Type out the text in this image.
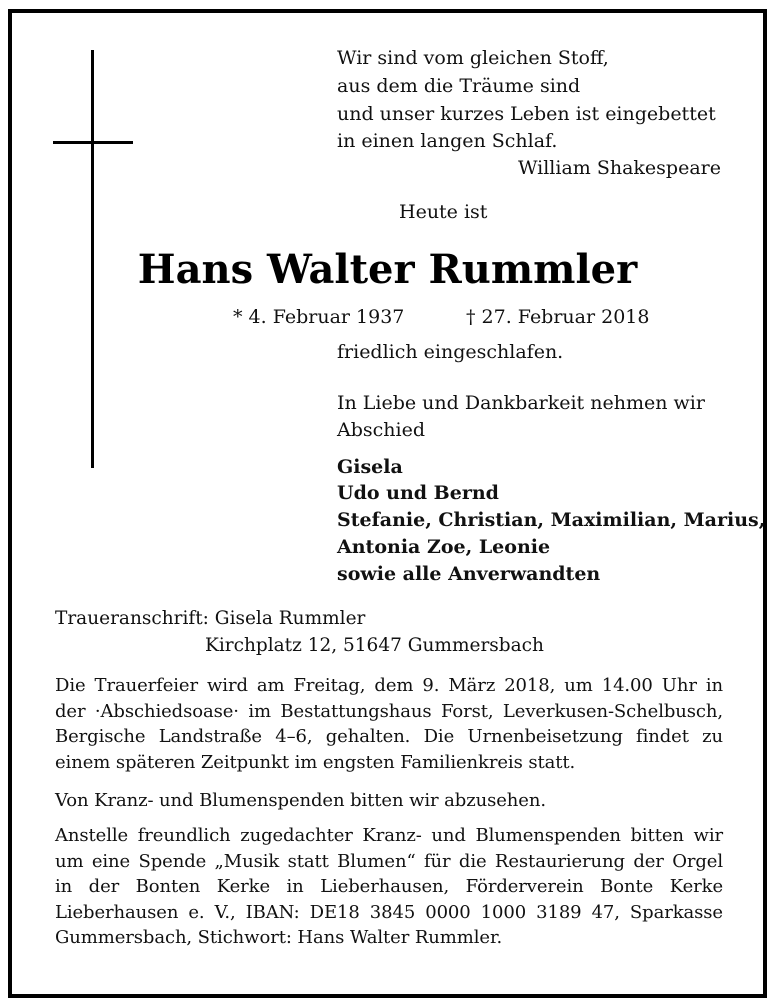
Wir sind vom gleichen Stoff,
aus dem die Träume sind
und unser kurzes Leben ist eingebettet
in einen langen Schlaf.
William Shakespeare
Heute ist
Hans Walter Rummler
* 4. Februar 1937	† 27. Februar 2018
friedlich eingeschlafen.
In Liebe und Dankbarkeit nehmen wir
Abschied
Gisela
Udo und Bernd
Stefanie, Christian, Maximilian, Marius,
Antonia Zoe, Leonie
sowie alle Anverwandten
Traueranschrift: Gisela Rummler
Kirchplatz 12, 51647 Gummersbach
Die Trauerfeier wird am Freitag, dem 9. März 2018, um 14.00 Uhr in
der ·Abschiedsoase· im Bestattungshaus Forst, Leverkusen-Schelbusch,
Bergische Landstraße 4–6, gehalten. Die Urnenbeisetzung findet zu
einem späteren Zeitpunkt im engsten Familienkreis statt.
Von Kranz- und Blumenspenden bitten wir abzusehen.
Anstelle freundlich zugedachter Kranz- und Blumenspenden bitten wir
um eine Spende „Musik statt Blumen“ für die Restaurierung der Orgel
in der Bonten Kerke in Lieberhausen, Förderverein Bonte Kerke
Lieberhausen e. V., IBAN: DE18 3845 0000 1000 3189 47, Sparkasse
Gummersbach, Stichwort: Hans Walter Rummler.
